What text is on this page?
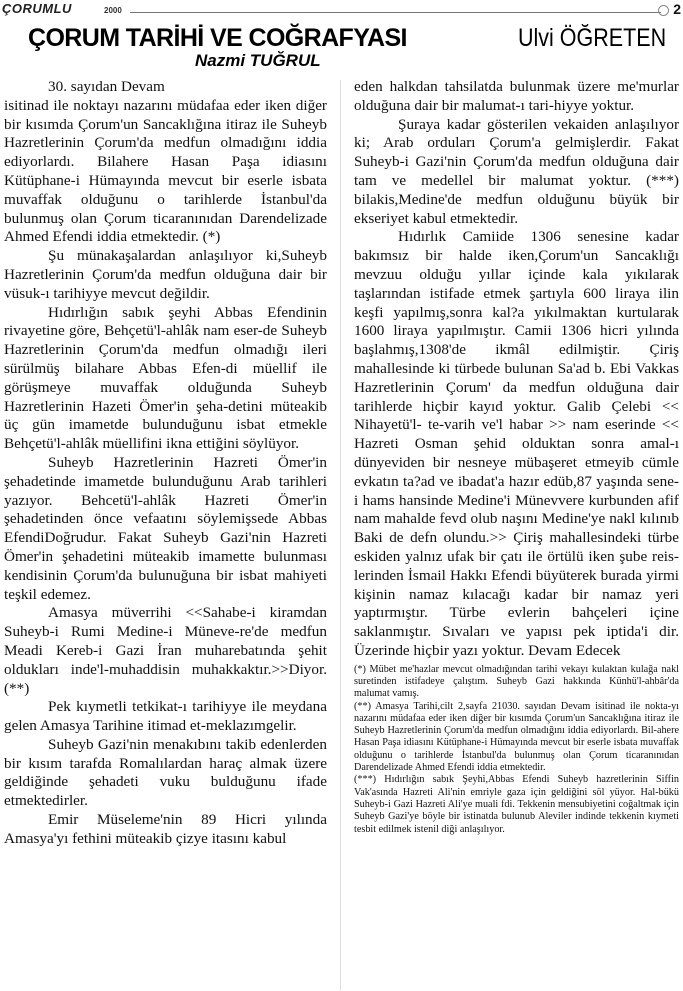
ÇORUMLU	2000	2
ÇORUM TARİHİ VE COĞRAFYASI
Nazmi TUĞRUL
Ulvi ÖĞRETEN

30. sayıdan Devam

isitinad ile noktayı nazarını müdafaa eder iken diğer bir kısımda Çorum'un Sancaklığına itiraz ile Suheyb Hazretlerinin Çorum'da medfun olmadığını iddia ediyorlardı. Bilahere Hasan Paşa idiasını Kütüphane-i Hümayında mevcut bir eserle isbata muvaffak olduğunu o tarihlerde İstanbul'da bulunmuş olan Çorum ticaranınıdan Darendelizade Ahmed Efendi iddia etmektedir. (*)

Şu münakaşalardan anlaşılıyor ki,Suheyb Hazretlerinin Çorum'da medfun olduğuna dair bir vüsuk-ı tarihiyye mevcut değildir.

Hıdırlığın sabık şeyhi Abbas Efendinin rivayetine göre, Behçetü'l-ahlâk nam eser-de Suheyb Hazretlerinin Çorum'da medfun olmadığı ileri sürülmüş bilahare Abbas Efen-di müellif ile görüşmeye muvaffak olduğunda Suheyb Hazretlerinin Hazeti Ömer'in şeha-detini müteakib üç gün imametde bulunduğunu isbat etmekle Behçetü'l-ahlâk müellifini ikna ettiğini söylüyor.

Suheyb Hazretlerinin Hazreti Ömer'in şehadetinde imametde bulunduğunu Arab tarihleri yazıyor. Behcetü'l-ahlâk Hazreti Ömer'in şehadetinden önce vefaatını söylemişsede Abbas EfendiDoğrudur. Fakat Suheyb Gazi'nin Hazreti Ömer'in şehadetini müteakib imamette bulunması kendisinin Çorum'da bulunuğuna bir isbat mahiyeti teşkil edemez.

Amasya müverrihi <<Sahabe-i kiramdan Suheyb-i Rumi Medine-i Müneve-re'de medfun Meadi Kereb-i Gazi İran muharebatında şehit oldukları inde'l-muhaddisin muhakkaktır.>>Diyor.(**)

Pek kıymetli tetkikat-ı tarihiyye ile meydana gelen Amasya Tarihine itimad et-meklazımgelir.

Suheyb Gazi'nin menakıbını takib edenlerden bir kısım tarafda Romalılardan haraç almak üzere geldiğinde şehadeti vuku bulduğunu ifade etmektedirler.

Emir Müseleme'nin 89 Hicri yılında Amasya'yı fethini müteakib çizye itasını kabul

eden halkdan tahsilatda bulunmak üzere me'murlar olduğuna dair bir malumat-ı tari-hiyye yoktur.

Şuraya kadar gösterilen vekaiden anlaşılıyor ki; Arab orduları Çorum'a gelmişlerdir. Fakat Suheyb-i Gazi'nin Çorum'da medfun olduğuna dair tam ve medellel bir malumat yoktur. (***) bilakis,Medine'de medfun olduğunu büyük bir ekseriyet kabul etmektedir.

Hıdırlık Camiide 1306 senesine kadar bakımsız bir halde iken,Çorum'un Sancaklığı mevzuu olduğu yıllar içinde kala yıkılarak taşlarından istifade etmek şartıyla 600 liraya ilin keşfi yapılmış,sonra kal?a yıkılmaktan kurtularak 1600 liraya yapılmıştır. Camii 1306 hicri yılında başlahmış,1308'de ikmâl edilmiştir. Çiriş mahallesinde ki türbede bulunan Sa'ad b. Ebi Vakkas Hazretlerinin Çorum' da medfun olduğuna dair tarihlerde hiçbir kayıd yoktur. Galib Çelebi << Nihayetü'l- te-varih ve'l habar >> nam eserinde << Hazreti Osman şehid olduktan sonra amal-ı dünyeviden bir nesneye mübaşeret etmeyib cümle evkatın ta?ad ve ibadat'a hazır edüb,87 yaşında sene-i hams hansinde Medine'i Münevvere kurbunden afif nam mahalde fevd olub naşını Medine'ye nakl kılınıb Baki de defn olundu.>> Çiriş mahallesindeki türbe eskiden yalnız ufak bir çatı ile örtülü iken şube reis-lerinden İsmail Hakkı Efendi büyüterek burada yirmi kişinin namaz kılacağı kadar bir namaz yeri yaptırmıştır. Türbe evlerin bahçeleri içine saklanmıştır. Sıvaları ve yapısı pek iptida'i dir. Üzerinde hiçbir yazı yoktur. Devam Edecek

(*) Mübet me'hazlar mevcut olmadığından tarihi vekayı kulaktan kulağa nakl suretinden istifadeye çalıştım. Suheyb Gazi hakkında Künhü'l-ahbâr'da malumat vamış.

(**) Amasya Tarihi,cilt 2,sayfa 21030. sayıdan Devam isitinad ile nokta-yı nazarını müdafaa eder iken diğer bir kısımda Çorum'un Sancaklığına itiraz ile Suheyb Hazretlerinin Çorum'da medfun olmadığını iddia ediyorlardı. Bil-ahere Hasan Paşa idiasını Kütüphane-i Hümayında mevcut bir eserle isbata muvaffak olduğunu o tarihlerde İstanbul'da bulunmuş olan Çorum ticaranınıdan Darendelizade Ahmed Efendi iddia etmektedir.

(***) Hıdırlığın sabık Şeyhi,Abbas Efendi Suheyb hazretlerinin Siffin Vak'asında Hazreti Ali'nin emriyle gaza için geldiğini söl yüyor. Hal-bükü Suheyb-i Gazi Hazreti Ali'ye muali fdi. Tekkenin mensubiyetini coğaltmak için Suheyb Gazi'ye böyle bir istinatda bulunub Aleviler indinde tekkenin kıymeti tesbit edilmek istenil diği anlaşılıyor.
